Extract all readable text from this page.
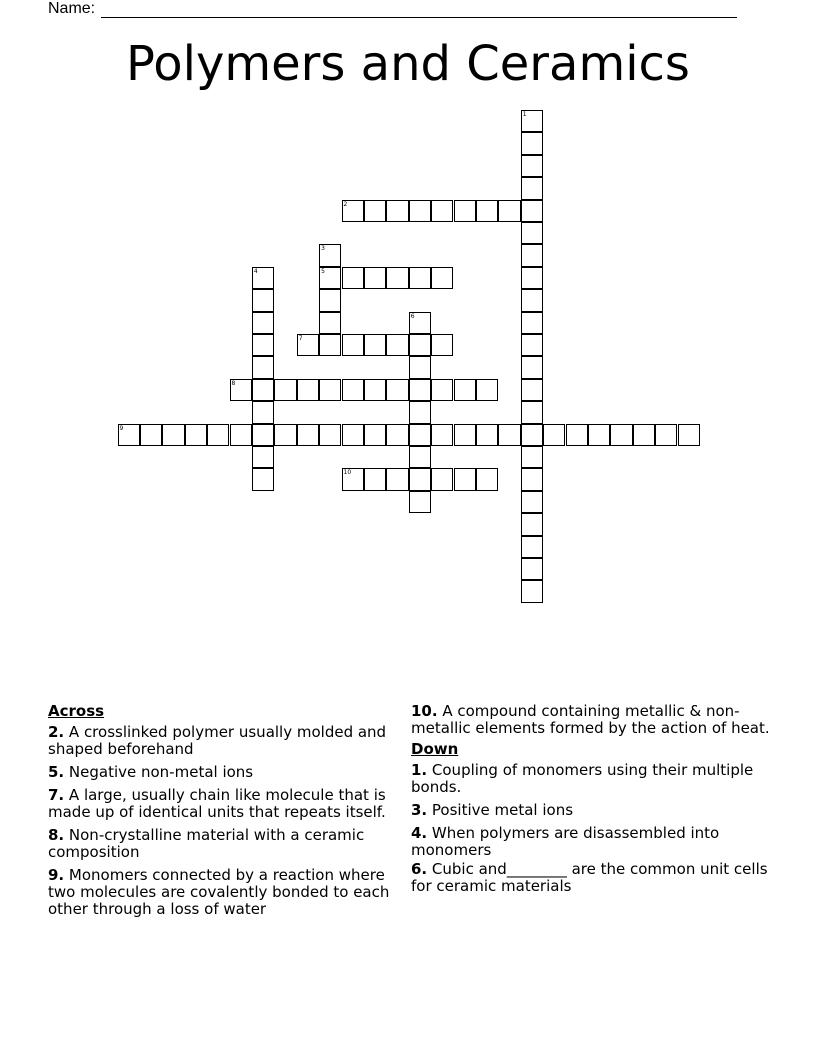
Name:
Polymers and Ceramics
1
2
3
5
4
6
7
8
9
10
Across
2. A crosslinked polymer usually molded and shaped beforehand
5. Negative non-metal ions
7. A large, usually chain like molecule that is made up of identical units that repeats itself.
8. Non-crystalline material with a ceramic composition
9. Monomers connected by a reaction where two molecules are covalently bonded to each other through a loss of water
10. A compound containing metallic & non-metallic elements formed by the action of heat.
Down
1. Coupling of monomers using their multiple bonds.
3. Positive metal ions
4. When polymers are disassembled into monomers
6. Cubic and________ are the common unit cells for ceramic materials
